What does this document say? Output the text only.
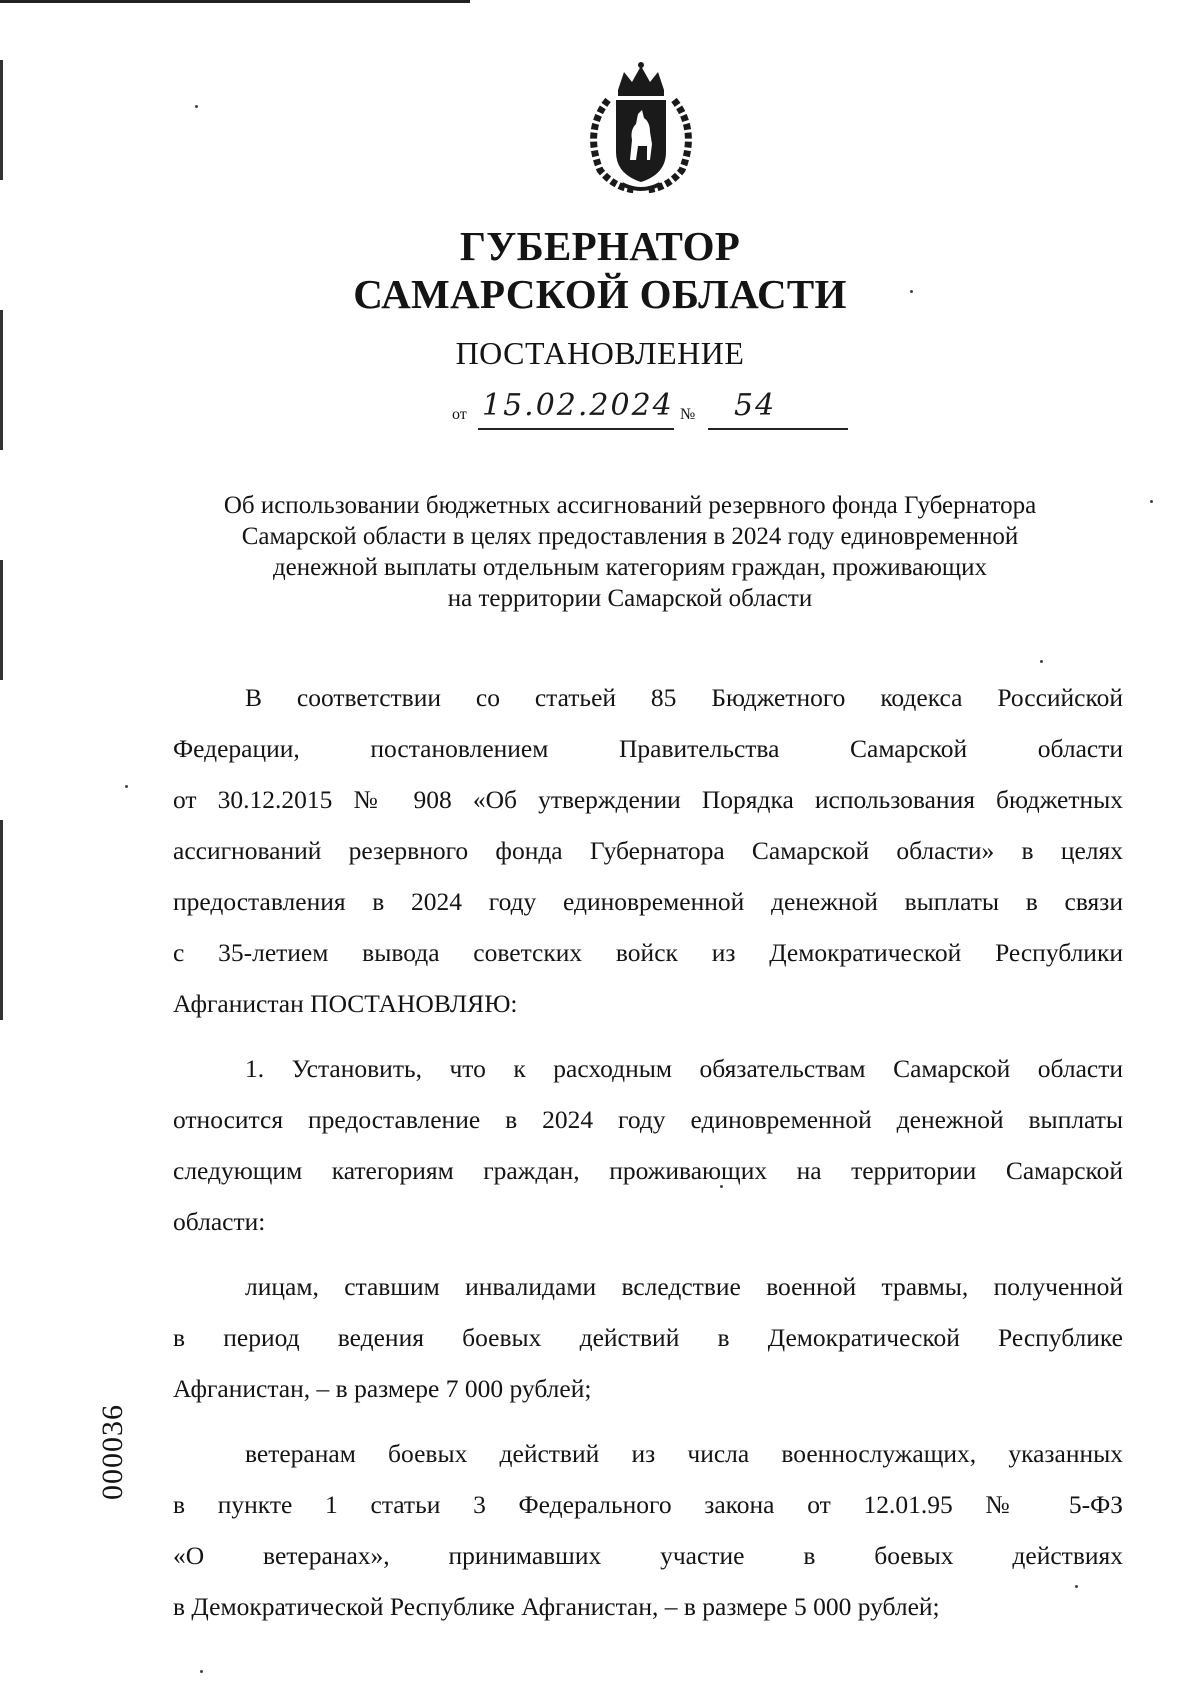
ГУБЕРНАТОР
САМАРСКОЙ ОБЛАСТИ
ПОСТАНОВЛЕНИЕ
от 15.02.2024 № 54
Об использовании бюджетных ассигнований резервного фонда Губернатора
Самарской области в целях предоставления в 2024 году единовременной
денежной выплаты отдельным категориям граждан, проживающих
на территории Самарской области
В соответствии со статьей 85 Бюджетного кодекса Российской
Федерации, постановлением Правительства Самарской области
от 30.12.2015 № 908 «Об утверждении Порядка использования бюджетных
ассигнований резервного фонда Губернатора Самарской области» в целях
предоставления в 2024 году единовременной денежной выплаты в связи
с 35-летием вывода советских войск из Демократической Республики
Афганистан ПОСТАНОВЛЯЮ:
1. Установить, что к расходным обязательствам Самарской области
относится предоставление в 2024 году единовременной денежной выплаты
следующим категориям граждан, проживающих на территории Самарской
области:
лицам, ставшим инвалидами вследствие военной травмы, полученной
в период ведения боевых действий в Демократической Республике
Афганистан, – в размере 7 000 рублей;
ветеранам боевых действий из числа военнослужащих, указанных
в пункте 1 статьи 3 Федерального закона от 12.01.95 № 5-ФЗ
«О ветеранах», принимавших участие в боевых действиях
в Демократической Республике Афганистан, – в размере 5 000 рублей;
000036
